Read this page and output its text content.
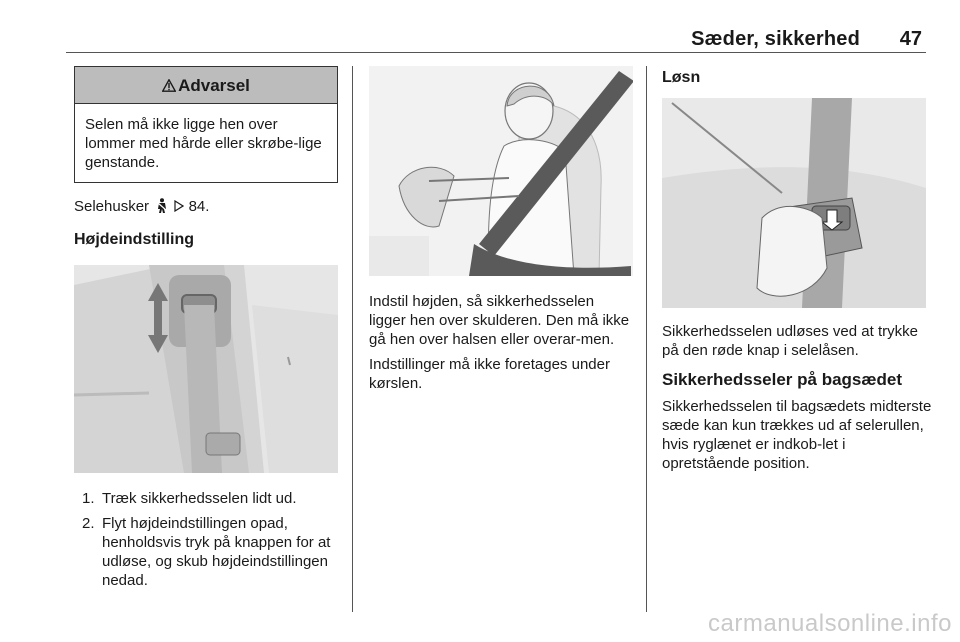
Sæder, sikkerhed	47
Advarsel
Selen må ikke ligge hen over lommer med hårde eller skrøbe-lige genstande.
Selehusker	84.
Højdeindstilling
1. Træk sikkerhedsselen lidt ud.
2. Flyt højdeindstillingen opad, henholdsvis tryk på knappen for at udløse, og skub højdeindstillingen nedad.
Indstil højden, så sikkerhedsselen ligger hen over skulderen. Den må ikke gå hen over halsen eller overar-men.
Indstillinger må ikke foretages under kørslen.
Løsn
Sikkerhedsselen udløses ved at trykke på den røde knap i selelåsen.
Sikkerhedsseler på bagsædet
Sikkerhedsselen til bagsædets midterste sæde kan kun trækkes ud af selerullen, hvis ryglænet er indkob-let i opretstående position.
carmanualsonline.info
